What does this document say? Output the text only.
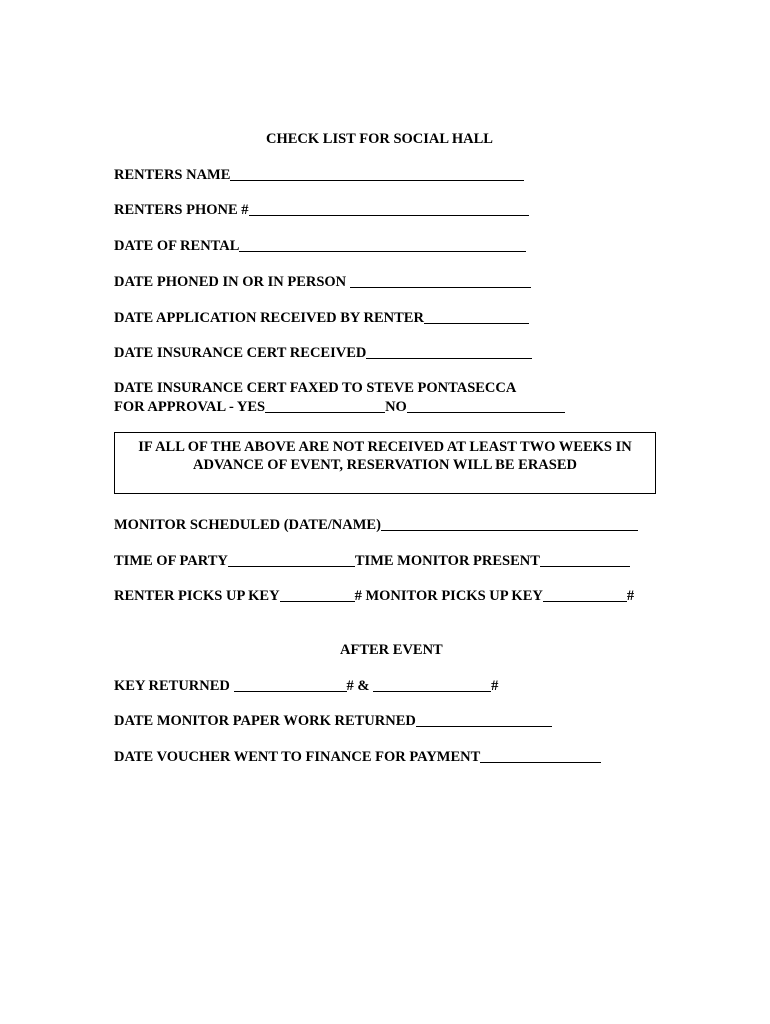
CHECK LIST FOR SOCIAL HALL
RENTERS NAME
RENTERS PHONE #
DATE OF RENTAL
DATE PHONED IN OR IN PERSON
DATE APPLICATION RECEIVED BY RENTER
DATE INSURANCE CERT RECEIVED
DATE INSURANCE CERT FAXED TO STEVE PONTASECCA
FOR APPROVAL - YES	NO
IF ALL OF THE ABOVE ARE NOT RECEIVED AT LEAST TWO WEEKS IN
ADVANCE OF EVENT, RESERVATION WILL BE ERASED
MONITOR SCHEDULED (DATE/NAME)
TIME OF PARTY	TIME MONITOR PRESENT
RENTER PICKS UP KEY	# MONITOR PICKS UP KEY	#
AFTER EVENT
KEY RETURNED	# &	#
DATE MONITOR PAPER WORK RETURNED
DATE VOUCHER WENT TO FINANCE FOR PAYMENT
